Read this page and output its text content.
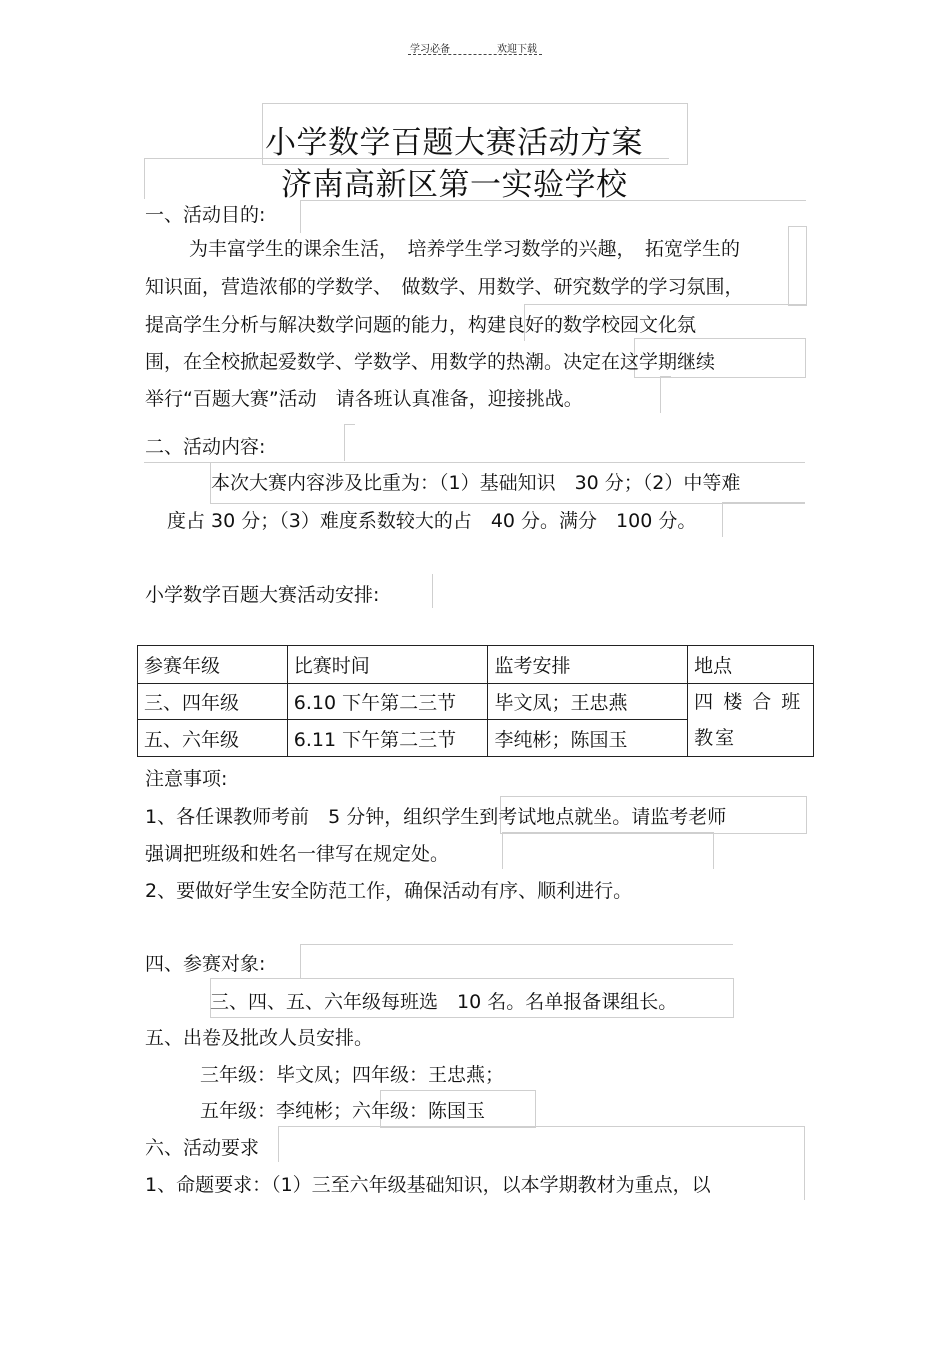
学习必备	欢迎下载
小学数学百题大赛活动方案
济南高新区第一实验学校
一、活动目的:
为丰富学生的课余生活，　培养学生学习数学的兴趣，　拓宽学生的
知识面，营造浓郁的学数学、　做数学、用数学、研究数学的学习氛围，
提高学生分析与解决数学问题的能力，构建良好的数学校园文化氛
围，在全校掀起爱数学、学数学、用数学的热潮。决定在这学期继续
举行“百题大赛”活动　请各班认真准备，迎接挑战。
二、活动内容:
本次大赛内容涉及比重为：（1）基础知识　30 分；（2）中等难
度占 30 分；（3）难度系数较大的占　40 分。满分　100 分。
小学数学百题大赛活动安排:
参赛年级	比赛时间	监考安排	地点
三、四年级	6.10 下午第二三节	毕文凤；王忠燕	四 楼 合 班
教室

五、六年级	6.11 下午第二三节	李纯彬；陈国玉	
注意事项:
1、各任课教师考前　5 分钟，组织学生到考试地点就坐。请监考老师
强调把班级和姓名一律写在规定处。
2、要做好学生安全防范工作，确保活动有序、顺利进行。
四、参赛对象:
三、四、五、六年级每班选　10 名。名单报备课组长。
五、出卷及批改人员安排。
三年级：毕文凤；四年级：王忠燕；
五年级：李纯彬；六年级：陈国玉
六、活动要求
1、命题要求：（1）三至六年级基础知识，以本学期教材为重点，以
